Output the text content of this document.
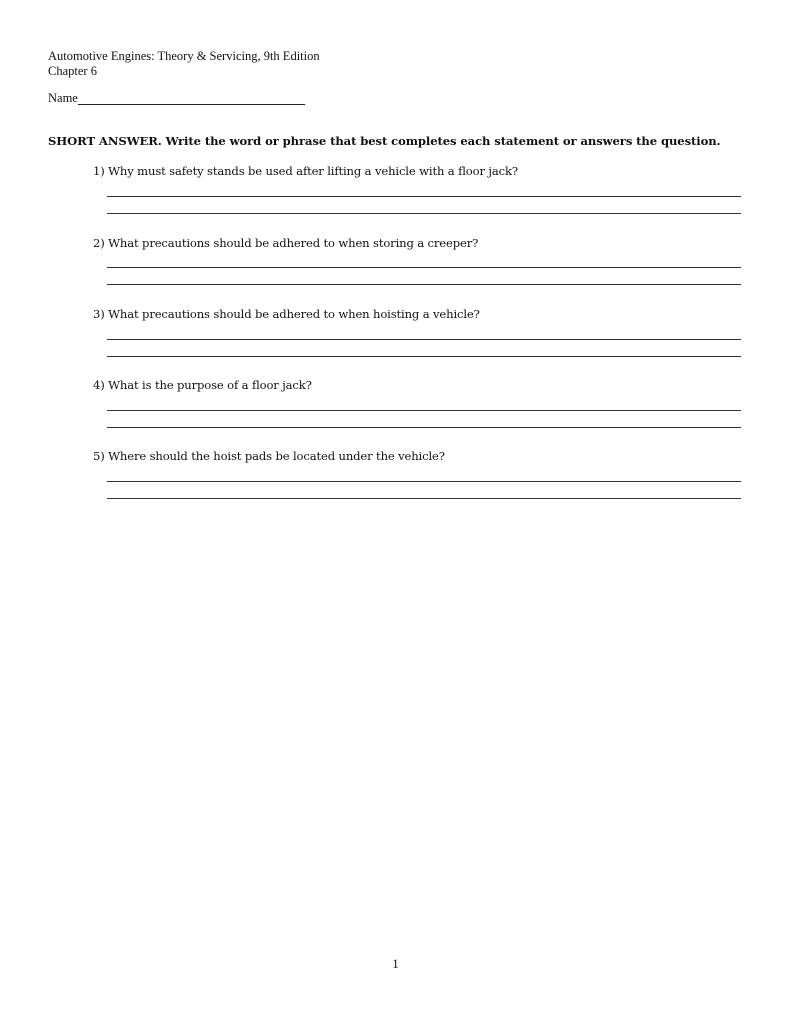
Automotive Engines: Theory & Servicing, 9th Edition
Chapter 6
Name
SHORT ANSWER. Write the word or phrase that best completes each statement or answers the question.
1) Why must safety stands be used after lifting a vehicle with a floor jack?
2) What precautions should be adhered to when storing a creeper?
3) What precautions should be adhered to when hoisting a vehicle?
4) What is the purpose of a floor jack?
5) Where should the hoist pads be located under the vehicle?
1
